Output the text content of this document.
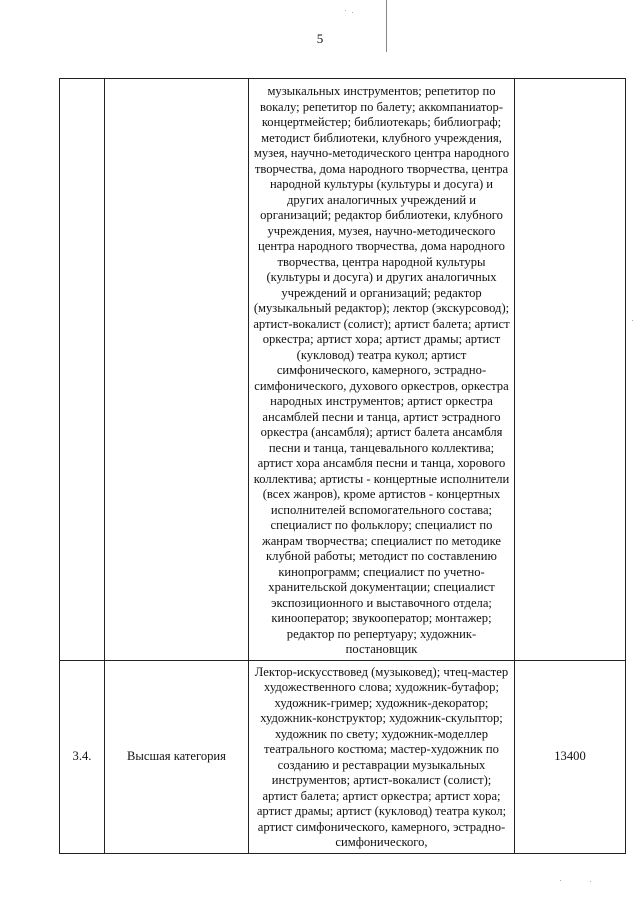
5

		музыкальных инструментов; репетитор по вокалу; репетитор по балету; аккомпаниатор-концертмейстер; библиотекарь; библиограф; методист библиотеки, клубного учреждения, музея, научно-методического центра народного творчества, дома народного творчества, центра народной культуры (культуры и досуга) и других аналогичных учреждений и организаций; редактор библиотеки, клубного учреждения, музея, научно-методического центра народного творчества, дома народного творчества, центра народной культуры (культуры и досуга) и других аналогичных учреждений и организаций; редактор (музыкальный редактор); лектор (экскурсовод); артист-вокалист (солист); артист балета; артист оркестра; артист хора; артист драмы; артист (кукловод) театра кукол; артист симфонического, камерного, эстрадно-симфонического, духового оркестров, оркестра народных инструментов; артист оркестра ансамблей песни и танца, артист эстрадного оркестра (ансамбля); артист балета ансамбля песни и танца, танцевального коллектива; артист хора ансамбля песни и танца, хорового коллектива; артисты - концертные исполнители (всех жанров), кроме артистов - концертных исполнителей вспомогательного состава; специалист по фольклору; специалист по жанрам творчества; специалист по методике клубной работы; методист по составлению кинопрограмм; специалист по учетно-хранительской документации; специалист экспозиционного и выставочного отдела; кинооператор; звукооператор; монтажер; редактор по репертуару; художник-постановщик	

3.4.	Высшая категория	Лектор-искусствовед (музыковед); чтец-мастер художественного слова; художник-бутафор; художник-гример; художник-декоратор; художник-конструктор; художник-скульптор; художник по свету; художник-моделлер театрального костюма; мастер-художник по созданию и реставрации музыкальных инструментов; артист-вокалист (солист); артист балета; артист оркестра; артист хора; артист драмы; артист (кукловод) театра кукол; артист симфонического, камерного, эстрадно-симфонического,	13400
